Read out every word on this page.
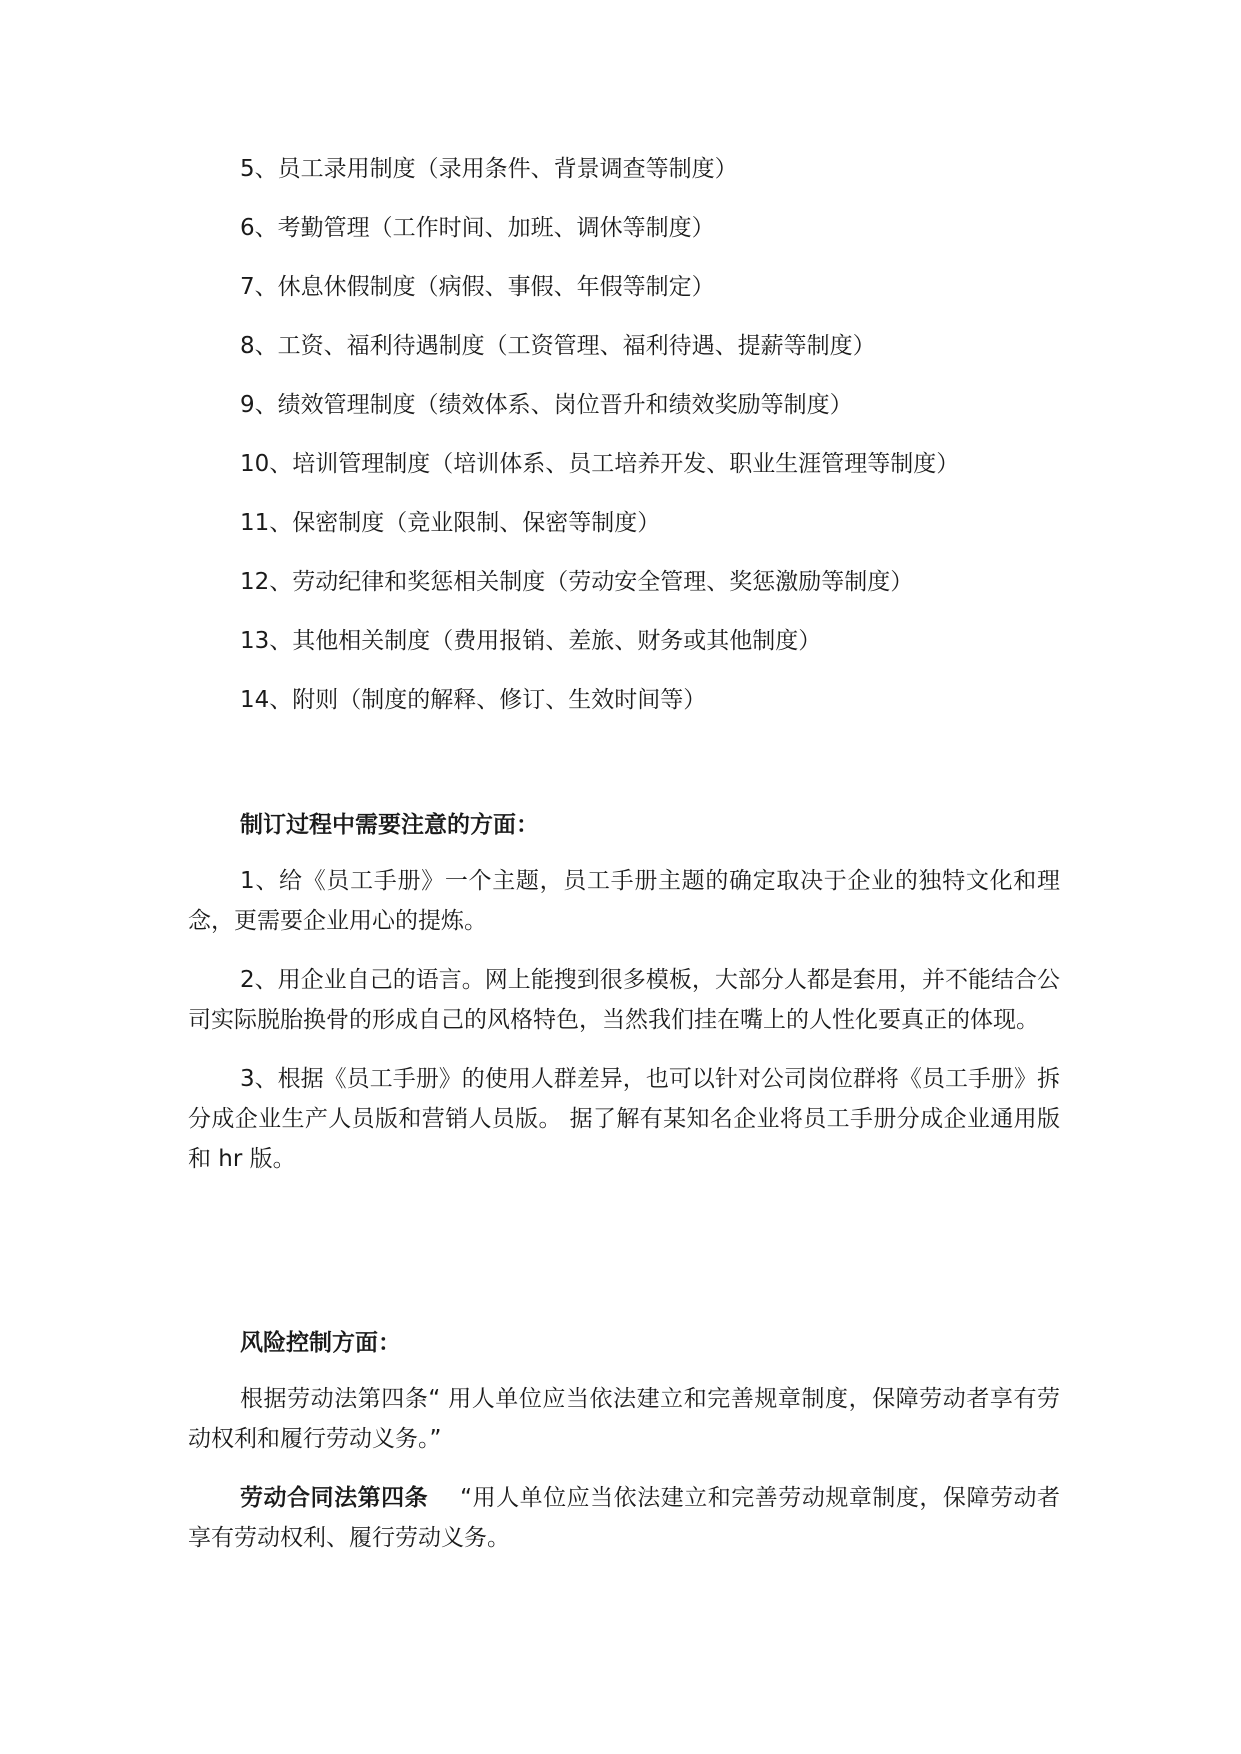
5、员工录用制度（录用条件、背景调查等制度）
6、考勤管理（工作时间、加班、调休等制度）
7、休息休假制度（病假、事假、年假等制定）
8、工资、福利待遇制度（工资管理、福利待遇、提薪等制度）
9、绩效管理制度（绩效体系、岗位晋升和绩效奖励等制度）
10、培训管理制度（培训体系、员工培养开发、职业生涯管理等制度）
11、保密制度（竞业限制、保密等制度）
12、劳动纪律和奖惩相关制度（劳动安全管理、奖惩激励等制度）
13、其他相关制度（费用报销、差旅、财务或其他制度）
14、附则（制度的解释、修订、生效时间等）
制订过程中需要注意的方面：

1、给《员工手册》一个主题，员工手册主题的确定取决于企业的独特文化和理念，更需要企业用心的提炼。

2、用企业自己的语言。网上能搜到很多模板，大部分人都是套用，并不能结合公司实际脱胎换骨的形成自己的风格特色，当然我们挂在嘴上的人性化要真正的体现。

3、根据《员工手册》的使用人群差异，也可以针对公司岗位群将《员工手册》拆分成企业生产人员版和营销人员版。 据了解有某知名企业将员工手册分成企业通用版和 hr 版。

风险控制方面：

根据劳动法第四条“ 用人单位应当依法建立和完善规章制度，保障劳动者享有劳动权利和履行劳动义务。”

劳动合同法第四条 “用人单位应当依法建立和完善劳动规章制度，保障劳动者享有劳动权利、履行劳动义务。
